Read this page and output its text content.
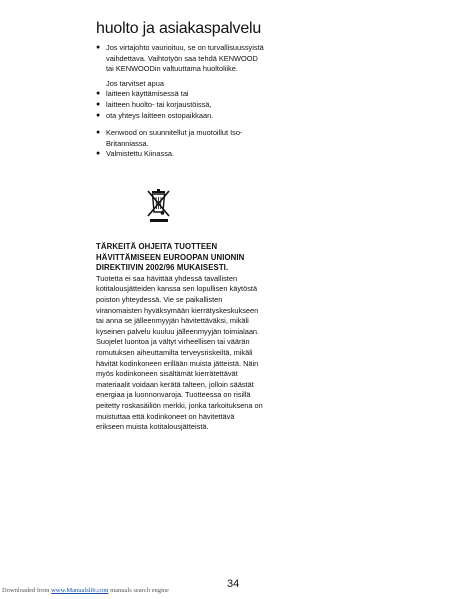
huolto ja asiakaspalvelu
● Jos virtajohto vaurioituu, se on turvallisuussyistä vaihdettava. Vaihtotyön saa tehdä KENWOOD tai KENWOODin valtuuttama huoltoliike.

Jos tarvitset apua

● laitteen käyttämisessä tai
● laitteen huolto- tai korjaustöissä,
● ota yhteys laitteen ostopaikkaan.
● Kenwood on suunnitellut ja muotoillut Iso-Britanniassa.
● Valmistettu Kiinassa.

TÄRKEITÄ OHJEITA TUOTTEEN HÄVITTÄMISEEN EUROOPAN UNIONIN DIREKTIIVIN 2002/96 MUKAISESTI.

Tuotetta ei saa hävittää yhdessä tavallisten kotitalousjätteiden kanssa sen lopullisen käytöstä poiston yhteydessä. Vie se paikallisten viranomaisten hyväksymään kierrätyskeskukseen tai anna se jälleenmyyjän hävitettäväksi, mikäli kyseinen palvelu kuuluu jälleenmyyjän toimialaan. Suojelet luontoa ja vältyt virheellisen tai väärän romutuksen aiheuttamilta terveysriskeiltä, mikäli hävität kodinkoneen erillään muista jätteistä. Näin myös kodinkoneen sisältämät kierrätettävät materiaalit voidaan kerätä talteen, jolloin säästät energiaa ja luonnonvaroja. Tuotteessa on risillä peitetty roskasäiliön merkki, jonka tarkoituksena on muistuttaa että kodinkoneet on hävitettävä erikseen muista kotitalousjätteistä.

34
Downloaded from www.Manualslib.com manuals search engine
